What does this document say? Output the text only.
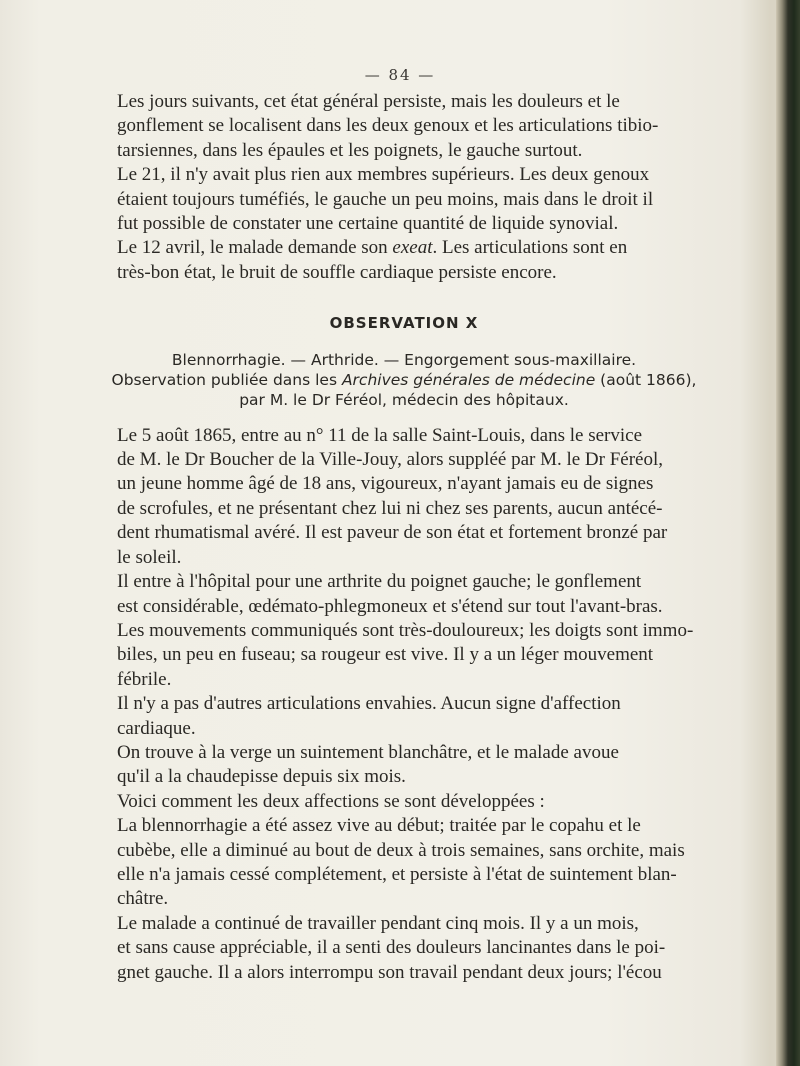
— 84 —

Les jours suivants, cet état général persiste, mais les douleurs et le
gonflement se localisent dans les deux genoux et les articulations tibio-
tarsiennes, dans les épaules et les poignets, le gauche surtout.

Le 21, il n'y avait plus rien aux membres supérieurs. Les deux genoux
étaient toujours tuméfiés, le gauche un peu moins, mais dans le droit il
fut possible de constater une certaine quantité de liquide synovial.

Le 12 avril, le malade demande son exeat. Les articulations sont en
très-bon état, le bruit de souffle cardiaque persiste encore.

OBSERVATION X
Blennorrhagie. — Arthride. — Engorgement sous-maxillaire.
Observation publiée dans les Archives générales de médecine (août 1866),
par M. le Dr Féréol, médecin des hôpitaux.

Le 5 août 1865, entre au n° 11 de la salle Saint-Louis, dans le service
de M. le Dr Boucher de la Ville-Jouy, alors suppléé par M. le Dr Féréol,
un jeune homme âgé de 18 ans, vigoureux, n'ayant jamais eu de signes
de scrofules, et ne présentant chez lui ni chez ses parents, aucun antécé-
dent rhumatismal avéré. Il est paveur de son état et fortement bronzé par
le soleil.

Il entre à l'hôpital pour une arthrite du poignet gauche; le gonflement
est considérable, œdémato-phlegmoneux et s'étend sur tout l'avant-bras.
Les mouvements communiqués sont très-douloureux; les doigts sont immo-
biles, un peu en fuseau; sa rougeur est vive. Il y a un léger mouvement
fébrile.

Il n'y a pas d'autres articulations envahies. Aucun signe d'affection
cardiaque.

On trouve à la verge un suintement blanchâtre, et le malade avoue
qu'il a la chaudepisse depuis six mois.

Voici comment les deux affections se sont développées :

La blennorrhagie a été assez vive au début; traitée par le copahu et le
cubèbe, elle a diminué au bout de deux à trois semaines, sans orchite, mais
elle n'a jamais cessé complétement, et persiste à l'état de suintement blan-
châtre.

Le malade a continué de travailler pendant cinq mois. Il y a un mois,
et sans cause appréciable, il a senti des douleurs lancinantes dans le poi-
gnet gauche. Il a alors interrompu son travail pendant deux jours; l'écou
